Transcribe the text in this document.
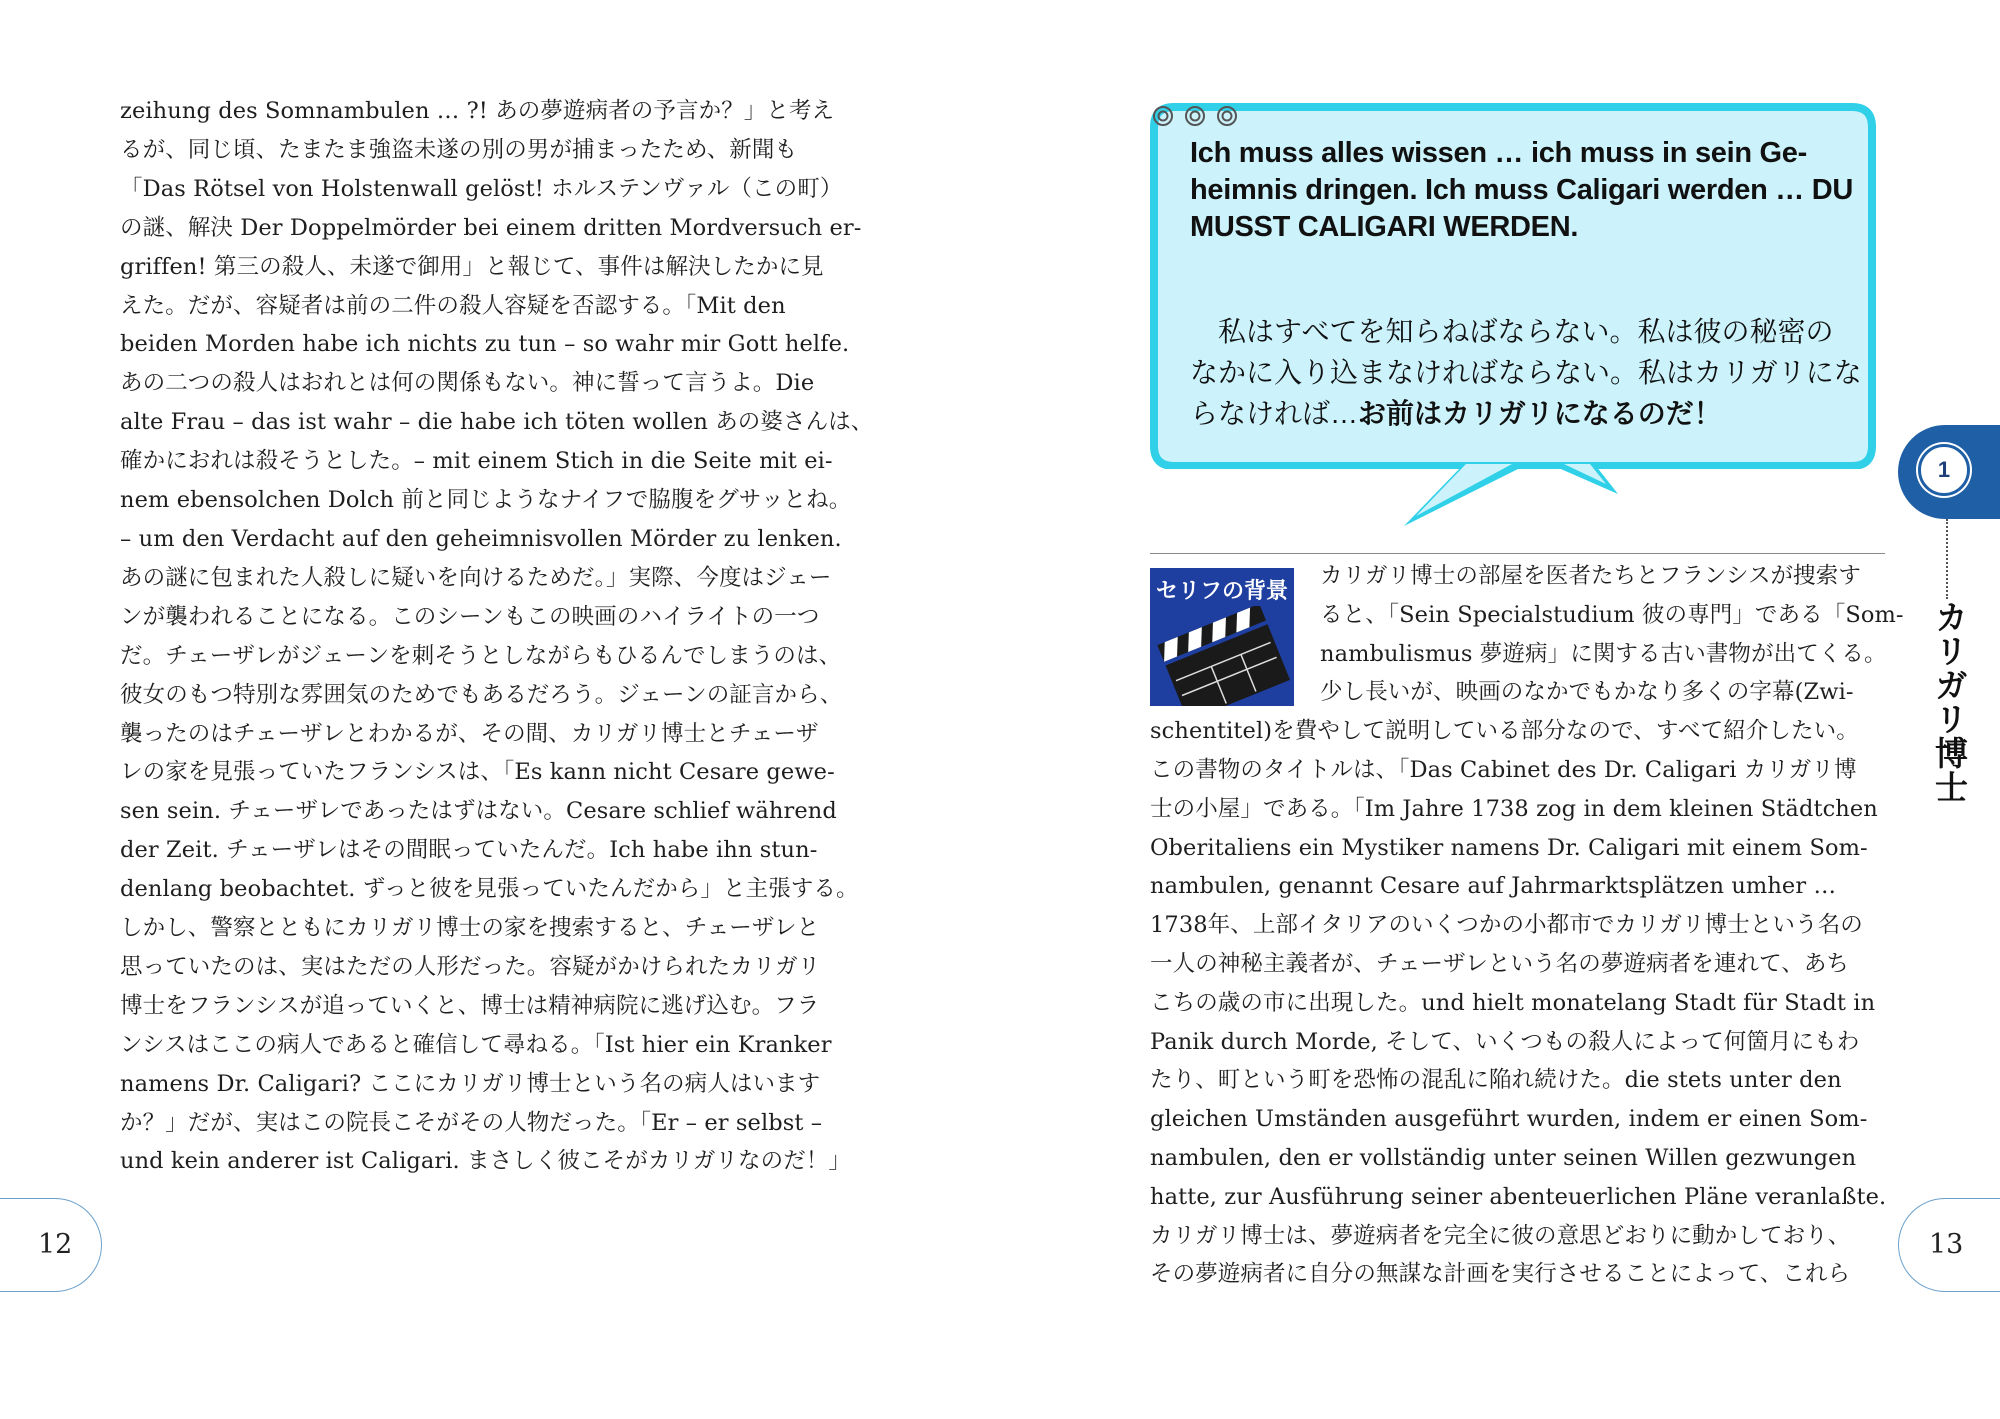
zeihung des Somnambulen … ?! あの夢遊病者の予言か？」と考え

るが、同じ頃、たまたま強盗未遂の別の男が捕まったため、新聞も

「Das Rötsel von Holstenwall gelöst! ホルステンヴァル（この町）

の謎、解決 Der Doppelmörder bei einem dritten Mordversuch er-

griffen! 第三の殺人、未遂で御用」と報じて、事件は解決したかに見

えた。だが、容疑者は前の二件の殺人容疑を否認する。「Mit den

beiden Morden habe ich nichts zu tun – so wahr mir Gott helfe.

あの二つの殺人はおれとは何の関係もない。神に誓って言うよ。Die

alte Frau – das ist wahr – die habe ich töten wollen あの婆さんは、

確かにおれは殺そうとした。– mit einem Stich in die Seite mit ei-

nem ebensolchen Dolch 前と同じようなナイフで脇腹をグサッとね。

– um den Verdacht auf den geheimnisvollen Mörder zu lenken.

あの謎に包まれた人殺しに疑いを向けるためだ。」実際、今度はジェー

ンが襲われることになる。このシーンもこの映画のハイライトの一つ

だ。チェーザレがジェーンを刺そうとしながらもひるんでしまうのは、

彼女のもつ特別な雰囲気のためでもあるだろう。ジェーンの証言から、

襲ったのはチェーザレとわかるが、その間、カリガリ博士とチェーザ

レの家を見張っていたフランシスは、「Es kann nicht Cesare gewe-

sen sein. チェーザレであったはずはない。Cesare schlief während

der Zeit. チェーザレはその間眠っていたんだ。Ich habe ihn stun-

denlang beobachtet. ずっと彼を見張っていたんだから」と主張する。

しかし、警察とともにカリガリ博士の家を捜索すると、チェーザレと

思っていたのは、実はただの人形だった。容疑がかけられたカリガリ

博士をフランシスが追っていくと、博士は精神病院に逃げ込む。フラ

ンシスはここの病人であると確信して尋ねる。「Ist hier ein Kranker

namens Dr. Caligari? ここにカリガリ博士という名の病人はいます

か？」だが、実はこの院長こそがその人物だった。「Er – er selbst –

und kein anderer ist Caligari. まさしく彼こそがカリガリなのだ！」

12

Ich muss alles wissen … ich muss in sein Ge-

heimnis dringen. Ich muss Caligari werden … DU

MUSST CALIGARI WERDEN.

私はすべてを知らねばならない。私は彼の秘密の

なかに入り込まなければならない。私はカリガリにな

らなければ…お前はカリガリになるのだ！

セリフの背景

カリガリ博士の部屋を医者たちとフランシスが捜索す

ると、「Sein Specialstudium 彼の専門」である「Som-

nambulismus 夢遊病」に関する古い書物が出てくる。

少し長いが、映画のなかでもかなり多くの字幕(Zwi-

schentitel)を費やして説明している部分なので、すべて紹介したい。

この書物のタイトルは、「Das Cabinet des Dr. Caligari カリガリ博

士の小屋」である。「Im Jahre 1738 zog in dem kleinen Städtchen

Oberitaliens ein Mystiker namens Dr. Caligari mit einem Som-

nambulen, genannt Cesare auf Jahrmarktsplätzen umher …

1738年、上部イタリアのいくつかの小都市でカリガリ博士という名の

一人の神秘主義者が、チェーザレという名の夢遊病者を連れて、あち

こちの歳の市に出現した。und hielt monatelang Stadt für Stadt in

Panik durch Morde, そして、いくつもの殺人によって何箇月にもわ

たり、町という町を恐怖の混乱に陥れ続けた。die stets unter den

gleichen Umständen ausgeführt wurden, indem er einen Som-

nambulen, den er vollständig unter seinen Willen gezwungen

hatte, zur Ausführung seiner abenteuerlichen Pläne veranlaßte.

カリガリ博士は、夢遊病者を完全に彼の意思どおりに動かしており、

その夢遊病者に自分の無謀な計画を実行させることによって、これら

1
カリガリ博士
13
